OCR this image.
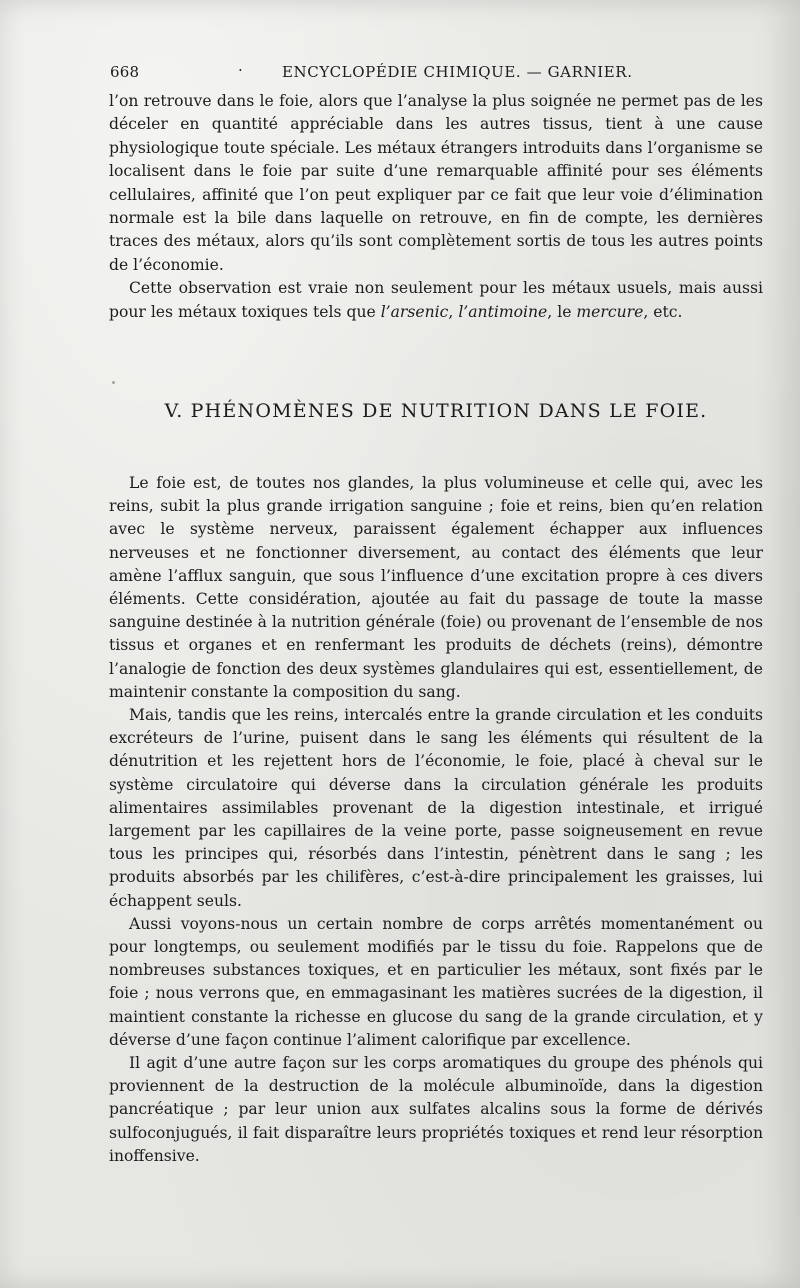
668	·	ENCYCLOPÉDIE CHIMIQUE. — GARNIER.

l’on retrouve dans le foie, alors que l’analyse la plus soignée ne permet pas de les déceler en quantité appréciable dans les autres tissus, tient à une cause physiologique toute spéciale. Les métaux étrangers introduits dans l’organisme se localisent dans le foie par suite d’une remarquable affinité pour ses éléments cellulaires, affinité que l’on peut expliquer par ce fait que leur voie d’élimination normale est la bile dans laquelle on retrouve, en fin de compte, les dernières traces des métaux, alors qu’ils sont complètement sortis de tous les autres points de l’économie.

Cette observation est vraie non seulement pour les métaux usuels, mais aussi pour les métaux toxiques tels que l’arsenic, l’antimoine, le mercure, etc.

V. PHÉNOMÈNES DE NUTRITION DANS LE FOIE.

Le foie est, de toutes nos glandes, la plus volumineuse et celle qui, avec les reins, subit la plus grande irrigation sanguine ; foie et reins, bien qu’en relation avec le système nerveux, paraissent également échapper aux influences nerveuses et ne fonctionner diversement, au contact des éléments que leur amène l’afflux sanguin, que sous l’influence d’une excitation propre à ces divers éléments. Cette considération, ajoutée au fait du passage de toute la masse sanguine destinée à la nutrition générale (foie) ou provenant de l’ensemble de nos tissus et organes et en renfermant les produits de déchets (reins), démontre l’analogie de fonction des deux systèmes glandulaires qui est, essentiellement, de maintenir constante la composition du sang.

Mais, tandis que les reins, intercalés entre la grande circulation et les conduits excréteurs de l’urine, puisent dans le sang les éléments qui résultent de la dénutrition et les rejettent hors de l’économie, le foie, placé à cheval sur le système circulatoire qui déverse dans la circulation générale les produits alimentaires assimilables provenant de la digestion intestinale, et irrigué largement par les capillaires de la veine porte, passe soigneusement en revue tous les principes qui, résorbés dans l’intestin, pénètrent dans le sang ; les produits absorbés par les chilifères, c’est-à-dire principalement les graisses, lui échappent seuls.

Aussi voyons-nous un certain nombre de corps arrêtés momentanément ou pour longtemps, ou seulement modifiés par le tissu du foie. Rappelons que de nombreuses substances toxiques, et en particulier les métaux, sont fixés par le foie ; nous verrons que, en emmagasinant les matières sucrées de la digestion, il maintient constante la richesse en glucose du sang de la grande circulation, et y déverse d’une façon continue l’aliment calorifique par excellence.

Il agit d’une autre façon sur les corps aromatiques du groupe des phénols qui proviennent de la destruction de la molécule albuminoïde, dans la digestion pancréatique ; par leur union aux sulfates alcalins sous la forme de dérivés sulfoconjugués, il fait disparaître leurs propriétés toxiques et rend leur résorption inoffensive.
